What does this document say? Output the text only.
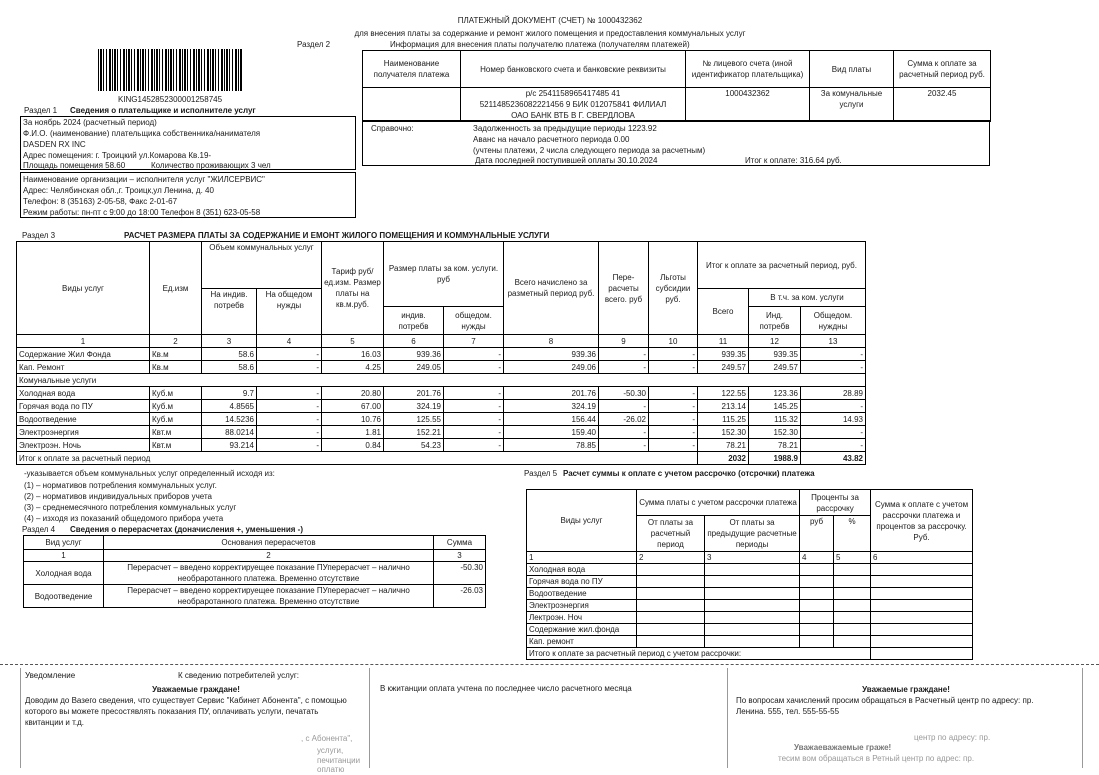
ПЛАТЕЖНЫЙ ДОКУМЕНТ (СЧЕТ) № 1000432362
для внесения платы за содержание и ремонт жилого помещения и предоставления коммунальных услуг
Раздел 2	Информация для внесения платы получателю платежа (получателям платежей)
KING1452852300001258745
Наименование получателя платежа	Номер банковского счета и банковские реквизиты	№ лицевого счета (иной идентификатор плательщика)	Вид платы	Сумма к оплате за расчетный период руб.

	р/с 2541158965417485 41
5211485236082221456 9 БИК 012075841 ФИЛИАЛ
ОАО БАНК ВТБ В Г. СВЕРДЛОВА	1000432362	За комунальные услуги	2032.45
Справочно:	Задолженность за предыдущие периоды 1223.92
Аванс на начало расчетного периода 0.00
(учтены платежи, 2 числа следующего периода за расчетным)
Дата последней поступившей оплаты 30.10.2024	Итог к оплате: 316.64 руб.
Раздел 1 Сведения о плательщике и исполнителе услуг
За ноябрь 2024 (расчетный период)
Ф.И.О. (наименование) плательщика собственника/нанимателя
DASDEN RX INC
Адрес помещения: г. Троицкий ул.Комарова Кв.19-
Площадь помещения 58.60	Количество проживающих 3 чел
Наименование организации – исполнителя услуг "ЖИЛСЕРВИС"
Адрес: Челябинская обл.,г. Троицк,ул Ленина, д. 40
Телефон: 8 (35163) 2-05-58, Факс 2-01-67
Режим работы: пн-пт с 9:00 до 18:00 Телефон 8 (351) 623-05-58
Раздел 3	РАСЧЕТ РАЗМЕРА ПЛАТЫ ЗА СОДЕРЖАНИЕ И ЕМОНТ ЖИЛОГО ПОМЕЩЕНИЯ И КОММУНАЛЬНЫЕ УСЛУГИ
Виды услуг	Ед.изм	Объем коммунальных услуг		Тариф руб/ед.изм. Размер платы на кв.м.руб.	Размер платы за ком. услуги. руб		Всего начислено за разметный период руб.	Пере-расчеты всего. руб	Льготы субсидии руб.	Итог к оплате за расчетный период, руб.		
		На индив. потребв	На общедом нужды							Всего	В т.ч. за ком. услуги	
					индив. потребв	общедом. нужды					Инд. потребв	Общедом. нуждны
1	2	3	4	5	6	7	8	9	10	11	12	13
Содержание Жил Фонда	Кв.м	58.6	-	16.03	939.36	-	939.36	-	-	939.35	939.35	-
Кап. Ремонт	Кв.м	58.6	-	4.25	249.05	-	249.06	-	-	249.57	249.57	-
Комунальные услуги												
Холодная вода	Куб.м	9.7	-	20.80	201.76	-	201.76	-50.30	-	122.55	123.36	28.89
Горячая вода по ПУ	Куб.м	4.8565	-	67.00	324.19	-	324.19	-	-	213.14	145.25	-
Водоотведение	Куб.м	14.5236	-	10.76	125.55	-	156.44	-26.02	-	115.25	115.32	14.93
Электроэнергия	Квт.м	88.0214	-	1.81	152.21	-	159.40	-	-	152.30	152.30	-
Электроэн. Ночь	Квт.м	93.214	-	0.84	54.23	-	78.85	-	-	78.21	78.21	-
Итог к оплате за расчетный период										2032	1988.9	43.82
-указывается объем коммунальных услуг определенный исходя из:
(1) – нормативов потребления коммунальных услуг.
(2) – нормативов индивидуальных приборов учета
(3) – среднемесячного потребления коммунальных услуг
(4) – изходя из показаний общедомого прибора учета
Раздел 4 Сведения о перерасчетах (доначисления +, уменьшения -)
Вид услуг	Основания перерасчетов	Сумма
1	2	3
Холодная вода	Перерасчет – введено корректируещее показание ПУперерасчет – налично
необраротанного платежа. Временно отсутствие	-50.30
Водоотведение	Перерасчет – введено корректируещее показание ПУперерасчет – налично
необраротанного платежа. Временно отсутствие	-26.03
Раздел 5 Расчет суммы к оплате с учетом рассрочко (отсрочки) платежа
Виды услуг	Сумма платы с учетом рассрочки платежа		Проценты за рассрочку		Сумма к оплате с учетом рассрочки платежа и процентов за рассрочку. Руб.
	От платы за расчетный период	От платы за предыдущие расчетные периоды	руб	%	
1	2	3	4	5	6
Холодная вода					
Горячая вода по ПУ					
Водоотведение					
Электроэнергия					
Лектроэн. Ноч					
Содержание жил.фонда					
Кап. ремонт					
Итого к оплате за расчетный период с учетом рассрочки:					
Уведомление	К сведению потребителей услуг:
Уважаемые граждане!
Доводим до Вазего сведения, что существует Сервис "Кабинет Абонента", с помощью
которого вы можете пресостявлять показания ПУ, оплачивать услуги, печатать
квитанции и т.д.
, с Абонента",
услуги, печитанции оплатю
В кжитанции оплата учтена по последнее число расчетного месяца	Уважаемые граждане!
По вопросам хачислений просим обращаться в Расчетный центр по адресу: пр.
Ленина. 555, тел. 555-55-55
центр по адресу: пр.
Уважаеважаемые граже!
тесим вом обращаться в Ретный центр по адрес: пр.
